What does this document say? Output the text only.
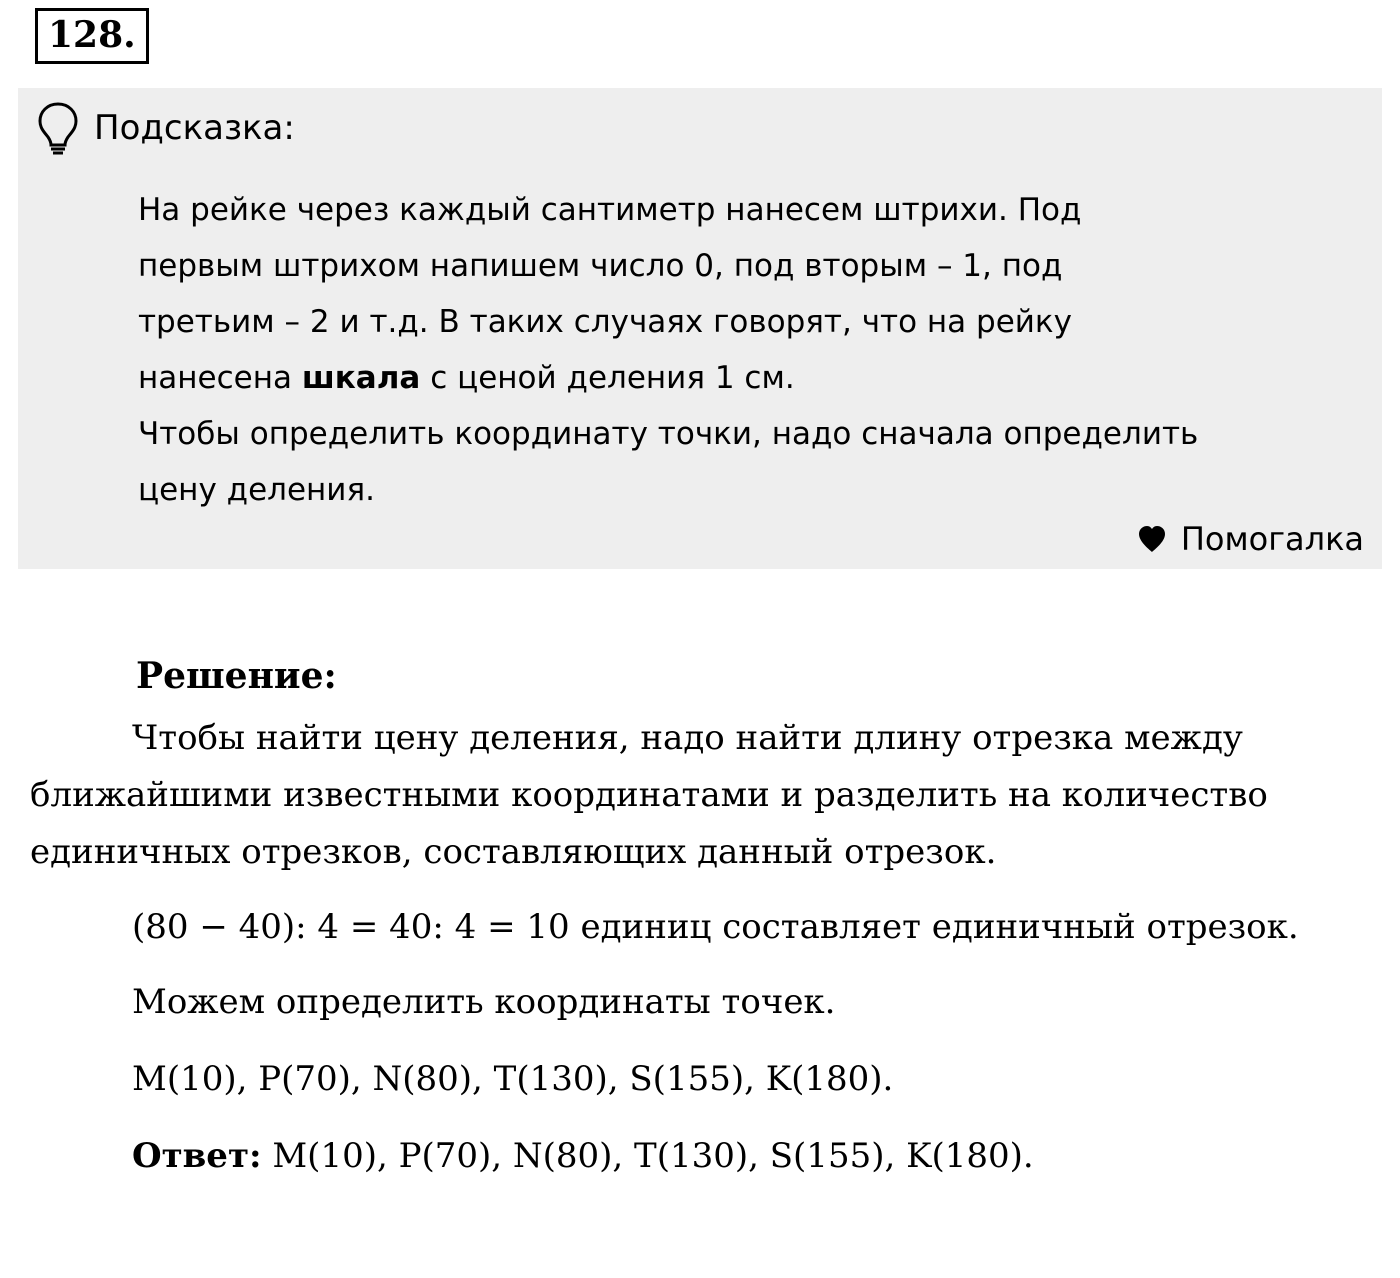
128.
Подсказка:

На рейке через каждый сантиметр нанесем штрихи. Под

первым штрихом напишем число 0, под вторым – 1, под

третьим – 2 и т.д. В таких случаях говорят, что на рейку

нанесена шкала с ценой деления 1 см.

Чтобы определить координату точки, надо сначала определить

цену деления.

Помогалка

Решение:

Чтобы найти цену деления, надо найти длину отрезка между ближайшими известными координатами и разделить на количество единичных отрезков, составляющих данный отрезок.

(80 − 40): 4 = 40: 4 = 10 единиц составляет единичный отрезок.

Можем определить координаты точек.

M(10), P(70), N(80), T(130), S(155), K(180).

Ответ: M(10), P(70), N(80), T(130), S(155), K(180).
